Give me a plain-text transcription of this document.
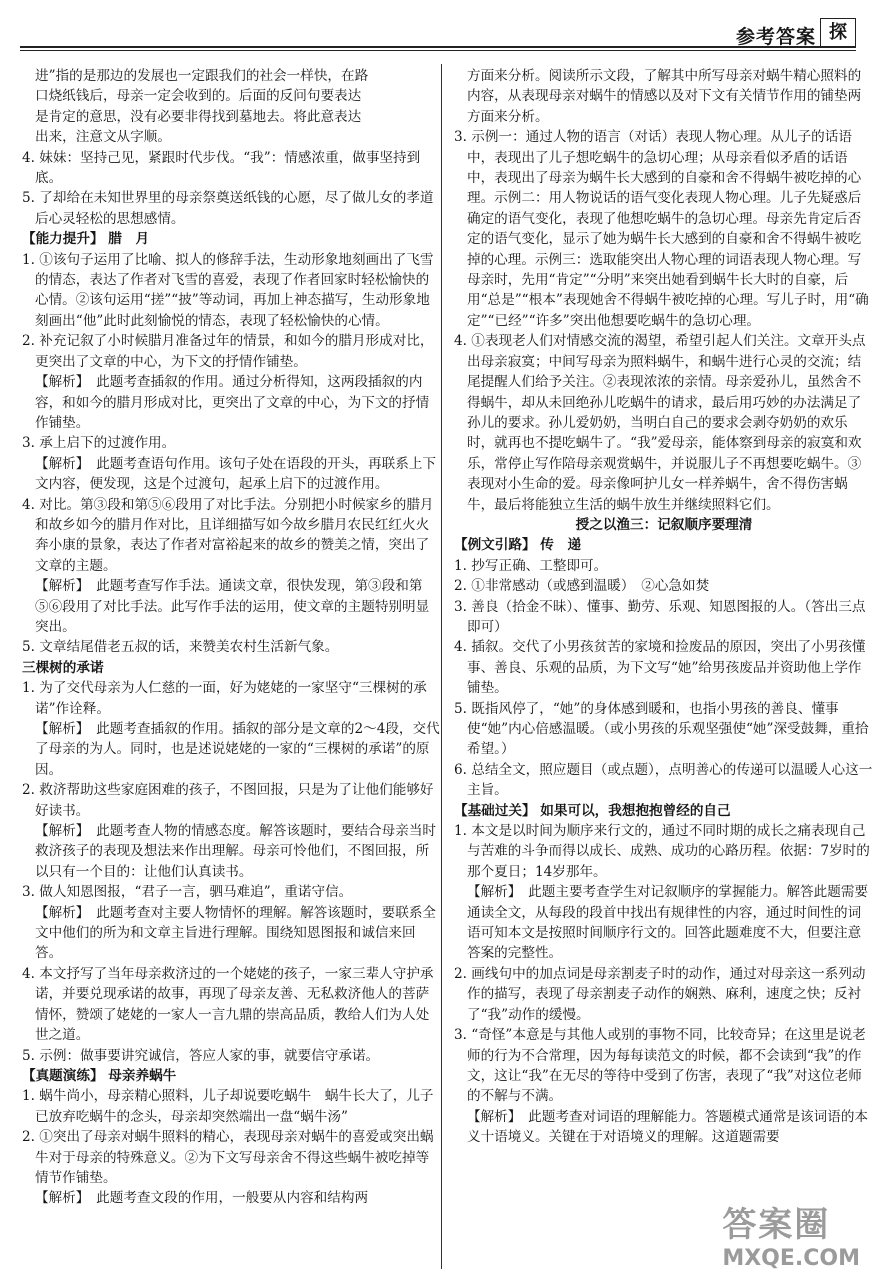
参考答案 探
进”指的是那边的发展也一定跟我们的社会一样快，在路
口烧纸钱后，母亲一定会收到的。后面的反问句要表达
是肯定的意思，没有必要非得找到墓地去。将此意表达
出来，注意文从字顺。
4. 妹妹：坚持己见，紧跟时代步伐。“我”：情感浓重，做事坚持到底。
5. 了却给在未知世界里的母亲祭奠送纸钱的心愿，尽了做儿女的孝道后心灵轻松的思想感情。
【能力提升】 腊　月
1. ①该句子运用了比喻、拟人的修辞手法，生动形象地刻画出了飞雪的情态，表达了作者对飞雪的喜爱，表现了作者回家时轻松愉快的心情。②该句运用“搓”“披”等动词，再加上神态描写，生动形象地刻画出“他”此时此刻愉悦的情态，表现了轻松愉快的心情。
2. 补充记叙了小时候腊月准备过年的情景，和如今的腊月形成对比，更突出了文章的中心，为下文的抒情作铺垫。
【解析】　此题考查插叙的作用。通过分析得知，这两段插叙的内容，和如今的腊月形成对比，更突出了文章的中心，为下文的抒情作铺垫。
3. 承上启下的过渡作用。
【解析】　此题考查语句作用。该句子处在语段的开头，再联系上下文内容，便发现，这是个过渡句，起承上启下的过渡作用。
4. 对比。第③段和第⑤⑥段用了对比手法。分别把小时候家乡的腊月和故乡如今的腊月作对比，且详细描写如今故乡腊月农民红红火火奔小康的景象，表达了作者对富裕起来的故乡的赞美之情，突出了文章的主题。
【解析】　此题考查写作手法。通读文章，很快发现，第③段和第⑤⑥段用了对比手法。此写作手法的运用，使文章的主题特别明显突出。
5. 文章结尾借老五叔的话，来赞美农村生活新气象。
三棵树的承诺
1. 为了交代母亲为人仁慈的一面，好为姥姥的一家坚守“三棵树的承诺”作诠释。
【解析】　此题考查插叙的作用。插叙的部分是文章的2～4段，交代了母亲的为人。同时，也是述说姥姥的一家的“三棵树的承诺”的原因。
2. 救济帮助这些家庭困难的孩子，不图回报，只是为了让他们能够好好读书。
【解析】　此题考查人物的情感态度。解答该题时，要结合母亲当时救济孩子的表现及想法来作出理解。母亲可怜他们，不图回报，所以只有一个目的：让他们认真读书。
3. 做人知恩图报，“君子一言，驷马难追”，重诺守信。
【解析】　此题考查对主要人物情怀的理解。解答该题时，要联系全文中他们的所为和文章主旨进行理解。围绕知恩图报和诚信来回答。
4. 本文抒写了当年母亲救济过的一个姥姥的孩子，一家三辈人守护承诺，并要兑现承诺的故事，再现了母亲友善、无私救济他人的菩萨情怀，赞颂了姥姥的一家人一言九鼎的崇高品质，教给人们为人处世之道。
5. 示例：做事要讲究诚信，答应人家的事，就要信守承诺。
【真题演练】 母亲养蜗牛
1. 蜗牛尚小，母亲精心照料，儿子却说要吃蜗牛　蜗牛长大了，儿子已放弃吃蜗牛的念头，母亲却突然端出一盘“蜗牛汤”
2. ①突出了母亲对蜗牛照料的精心，表现母亲对蜗牛的喜爱或突出蜗牛对于母亲的特殊意义。②为下文写母亲舍不得这些蜗牛被吃掉等情节作铺垫。
【解析】　此题考查文段的作用，一般要从内容和结构两
方面来分析。阅读所示文段，了解其中所写母亲对蜗牛精心照料的内容，从表现母亲对蜗牛的情感以及对下文有关情节作用的铺垫两方面来分析。
3. 示例一：通过人物的语言（对话）表现人物心理。从儿子的话语中，表现出了儿子想吃蜗牛的急切心理；从母亲看似矛盾的话语中，表现出了母亲为蜗牛长大感到的自豪和舍不得蜗牛被吃掉的心理。示例二：用人物说话的语气变化表现人物心理。儿子先疑惑后确定的语气变化，表现了他想吃蜗牛的急切心理。母亲先肯定后否定的语气变化，显示了她为蜗牛长大感到的自豪和舍不得蜗牛被吃掉的心理。示例三：选取能突出人物心理的词语表现人物心理。写母亲时，先用“肯定”“分明”来突出她看到蜗牛长大时的自豪，后用“总是”“根本”表现她舍不得蜗牛被吃掉的心理。写儿子时，用“确定”“已经”“许多”突出他想要吃蜗牛的急切心理。
4. ①表现老人们对情感交流的渴望，希望引起人们关注。文章开头点出母亲寂寞；中间写母亲为照料蜗牛，和蜗牛进行心灵的交流；结尾提醒人们给予关注。②表现浓浓的亲情。母亲爱孙儿，虽然舍不得蜗牛，却从未回绝孙儿吃蜗牛的请求，最后用巧妙的办法满足了孙儿的要求。孙儿爱奶奶，当明白自己的要求会剥夺奶奶的欢乐时，就再也不提吃蜗牛了。“我”爱母亲，能体察到母亲的寂寞和欢乐，常停止写作陪母亲观赏蜗牛，并说服儿子不再想要吃蜗牛。③表现对小生命的爱。母亲像呵护儿女一样养蜗牛，舍不得伤害蜗牛，最后将能独立生活的蜗牛放生并继续照料它们。
授之以渔三：记叙顺序要理清
【例文引路】 传　递
1. 抄写正确、工整即可。
2. ①非常感动（或感到温暖）　②心急如焚
3. 善良（拾金不昧）、懂事、勤劳、乐观、知恩图报的人。（答出三点即可）
4. 插叙。交代了小男孩贫苦的家境和捡废品的原因，突出了小男孩懂事、善良、乐观的品质，为下文写“她”给男孩废品并资助他上学作铺垫。
5. 既指风停了，“她”的身体感到暖和，也指小男孩的善良、懂事使“她”内心倍感温暖。（或小男孩的乐观坚强使“她”深受鼓舞，重拾希望。）
6. 总结全文，照应题目（或点题），点明善心的传递可以温暖人心这一主旨。
【基础过关】 如果可以，我想抱抱曾经的自己
1. 本文是以时间为顺序来行文的，通过不同时期的成长之痛表现自己与苦难的斗争而得以成长、成熟、成功的心路历程。依据：7岁时的那个夏日；14岁那年。
【解析】　此题主要考查学生对记叙顺序的掌握能力。解答此题需要通读全文，从每段的段首中找出有规律性的内容，通过时间性的词语可知本文是按照时间顺序行文的。回答此题难度不大，但要注意答案的完整性。
2. 画线句中的加点词是母亲割麦子时的动作，通过对母亲这一系列动作的描写，表现了母亲割麦子动作的娴熟、麻利，速度之快；反衬了“我”动作的缓慢。
3. “奇怪”本意是与其他人或别的事物不同，比较奇异；在这里是说老师的行为不合常理，因为每每读范文的时候，都不会读到“我”的作文，这让“我”在无尽的等待中受到了伤害，表现了“我”对这位老师的不解与不满。
【解析】　此题考查对词语的理解能力。答题模式通常是该词语的本义十语境义。关键在于对语境义的理解。这道题需要
答案圈
MXQE.COM
